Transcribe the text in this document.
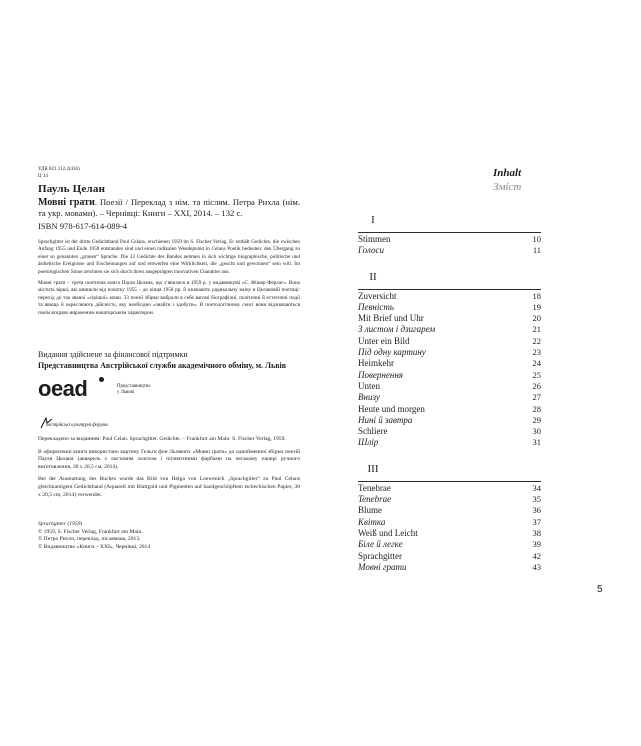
УДК 821.112.2(436)
Ц 34
Пауль Целан
Мовні грати. Поезії / Переклад з нім. та післям. Петра Рихла (нім. та укр. мовами). – Чернівці: Книги – ХХІ, 2014. – 132 с.
ISBN 978-617-614-089-4
Sprachgitter ist der dritte Gedichtband Paul Celans, erschienen 1959 im S. Fischer Verlag. Er enthält Gedichte, die zwischen Anfang 1955 und Ende 1958 entstanden sind und einen radikalen Wendepunkt in Celans Poetik bedeuten: den Übergang zu einer so genannten „grauen“ Sprache. Die 33 Gedichte des Bandes nehmen in sich wichtige biographische, politische und ästhetische Ereignisse und Erscheinungen auf und entwerfen eine Wirklichkeit, die „geucht und gewonnen“ sein will. Im poetologischen Sinne zeichnen sie sich durch ihren ausgeprägten innovativen Charakter aus.
Мовні грати – третя поетична книга Пауля Целана, що з’явилася в 1959 р. у видавництві «С. Фішер Ферлаг». Вона містить вірші, які виникли від початку 1955 – до кінця 1958 рр. й означають радикальну зміну в Целановій поетиці: перехід до так званої «сірішої» мови. 33 поезії збірки вибрали в себе вагомі біографічні, політичні й естетичні події та явища й окреслюють дійсність, яку необхідно «знайти і здобути». В поетологічному сенсі вони відзначаються своїм яскраво вираженим новаторським характером.
Видання здійснене за фінансової підтримки
Представництва Австрійської служби академічного обміну, м. Львів
oead	Представництво
у Львові
австрійські культурні форуми
Перекладено за виданням: Paul Celan. Sprachgitter. Gedichte. – Frankfurt am Main: S. Fischer Verlag, 1959.
В оформленні книги використано картину Гельґи фон Льовеніх «Мовні ґрати» до однойменної збірки поезій Пауля Целана (акварель з листовим золотом і пігментними фарбами на чеському папері ручного виготовлення, 30 x 20,5 см, 2014).
Bei der Ausstattung des Buches wurde das Bild von Helga von Loewenich „Sprachgitter“ zu Paul Celans gleichnamigem Gedichtband (Aquarell mit Blattgold und Pigmenten auf handgeschöpftem tschechischen Papier, 30 x 20,5 cm, 2014) verwendet.
Sprachgitter (1959)
© 1959, S. Fischer Verlag, Frankfurt am Main.
© Петро Рихло, переклад, післямова, 2013.
© Видавництво «Книги – ХХІ», Чернівці, 2014
Inhalt
Зміст
I
Stimmen	10
Голоси	11
II
Zuversicht	18
Певність	19
Mit Brief und Uhr	20
З листом і дзигарем	21
Unter ein Bild	22
Під одну картину	23
Heimkehr	24
Повернення	25
Unten	26
Внизу	27
Heute und morgen	28
Нині й завтра	29
Schliere	30
Шлір	31
III
Tenebrae	34
Tenebrae	35
Blume	36
Квітка	37
Weiß und Leicht	38
Біле й легке	39
Sprachgitter	42
Мовні грати	43
5
